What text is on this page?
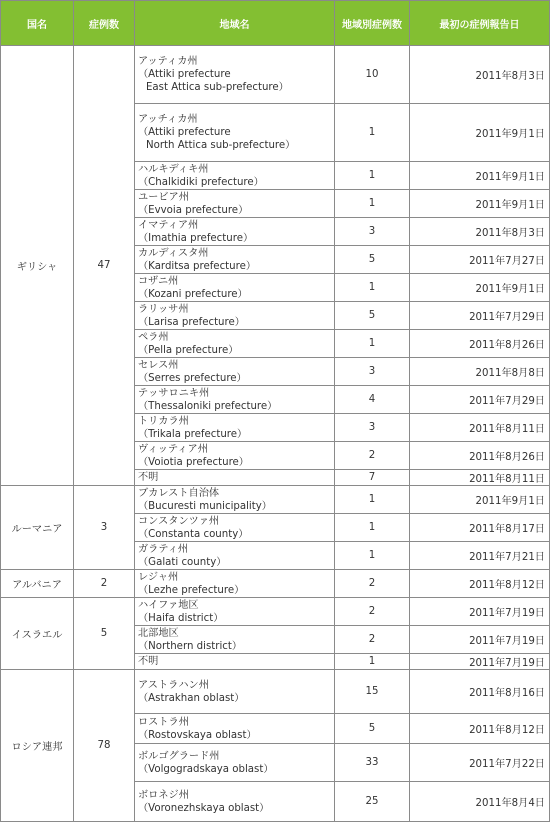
国名	症例数	地域名	地域別症例数	最初の症例報告日
ギリシャ	47	アッティカ州
（Attiki prefecture
East Attica sub-prefecture）	10	2011年8月3日

		アッチィカ州
（Attiki prefecture
North Attica sub-prefecture）	1	2011年9月1日

		ハルキディキ州
（Chalkidiki prefecture）	1	2011年9月1日

		ユービア州
（Evvoia prefecture）	1	2011年9月1日

		イマティア州
（Imathia prefecture）	3	2011年8月3日

		カルディスタ州
（Karditsa prefecture）	5	2011年7月27日

		コザニ州
（Kozani prefecture）	1	2011年9月1日

		ラリッサ州
（Larisa prefecture）	5	2011年7月29日

		ペラ州
（Pella prefecture）	1	2011年8月26日

		セレス州
（Serres prefecture）	3	2011年8月8日

		テッサロニキ州
（Thessaloniki prefecture）	4	2011年7月29日

		トリカラ州
（Trikala prefecture）	3	2011年8月11日

		ヴィッティア州
（Voiotia prefecture）	2	2011年8月26日

		不明	7	2011年8月11日
ルーマニア	3	ブカレスト自治体
（Bucuresti municipality）	1	2011年9月1日

		コンスタンツァ州
（Constanta county）	1	2011年8月17日

		ガラティ州
（Galati county）	1	2011年7月21日
アルバニア	2	レジャ州
（Lezhe prefecture）	2	2011年8月12日
イスラエル	5	ハイファ地区
（Haifa district）	2	2011年7月19日

		北部地区
（Northern district）	2	2011年7月19日

		不明	1	2011年7月19日
ロシア連邦	78	アストラハン州
（Astrakhan oblast）	15	2011年8月16日

		ロストラ州
（Rostovskaya oblast）	5	2011年8月12日

		ボルゴグラード州
（Volgogradskaya oblast）	33	2011年7月22日

		ボロネジ州
（Voronezhskaya oblast）	25	2011年8月4日
